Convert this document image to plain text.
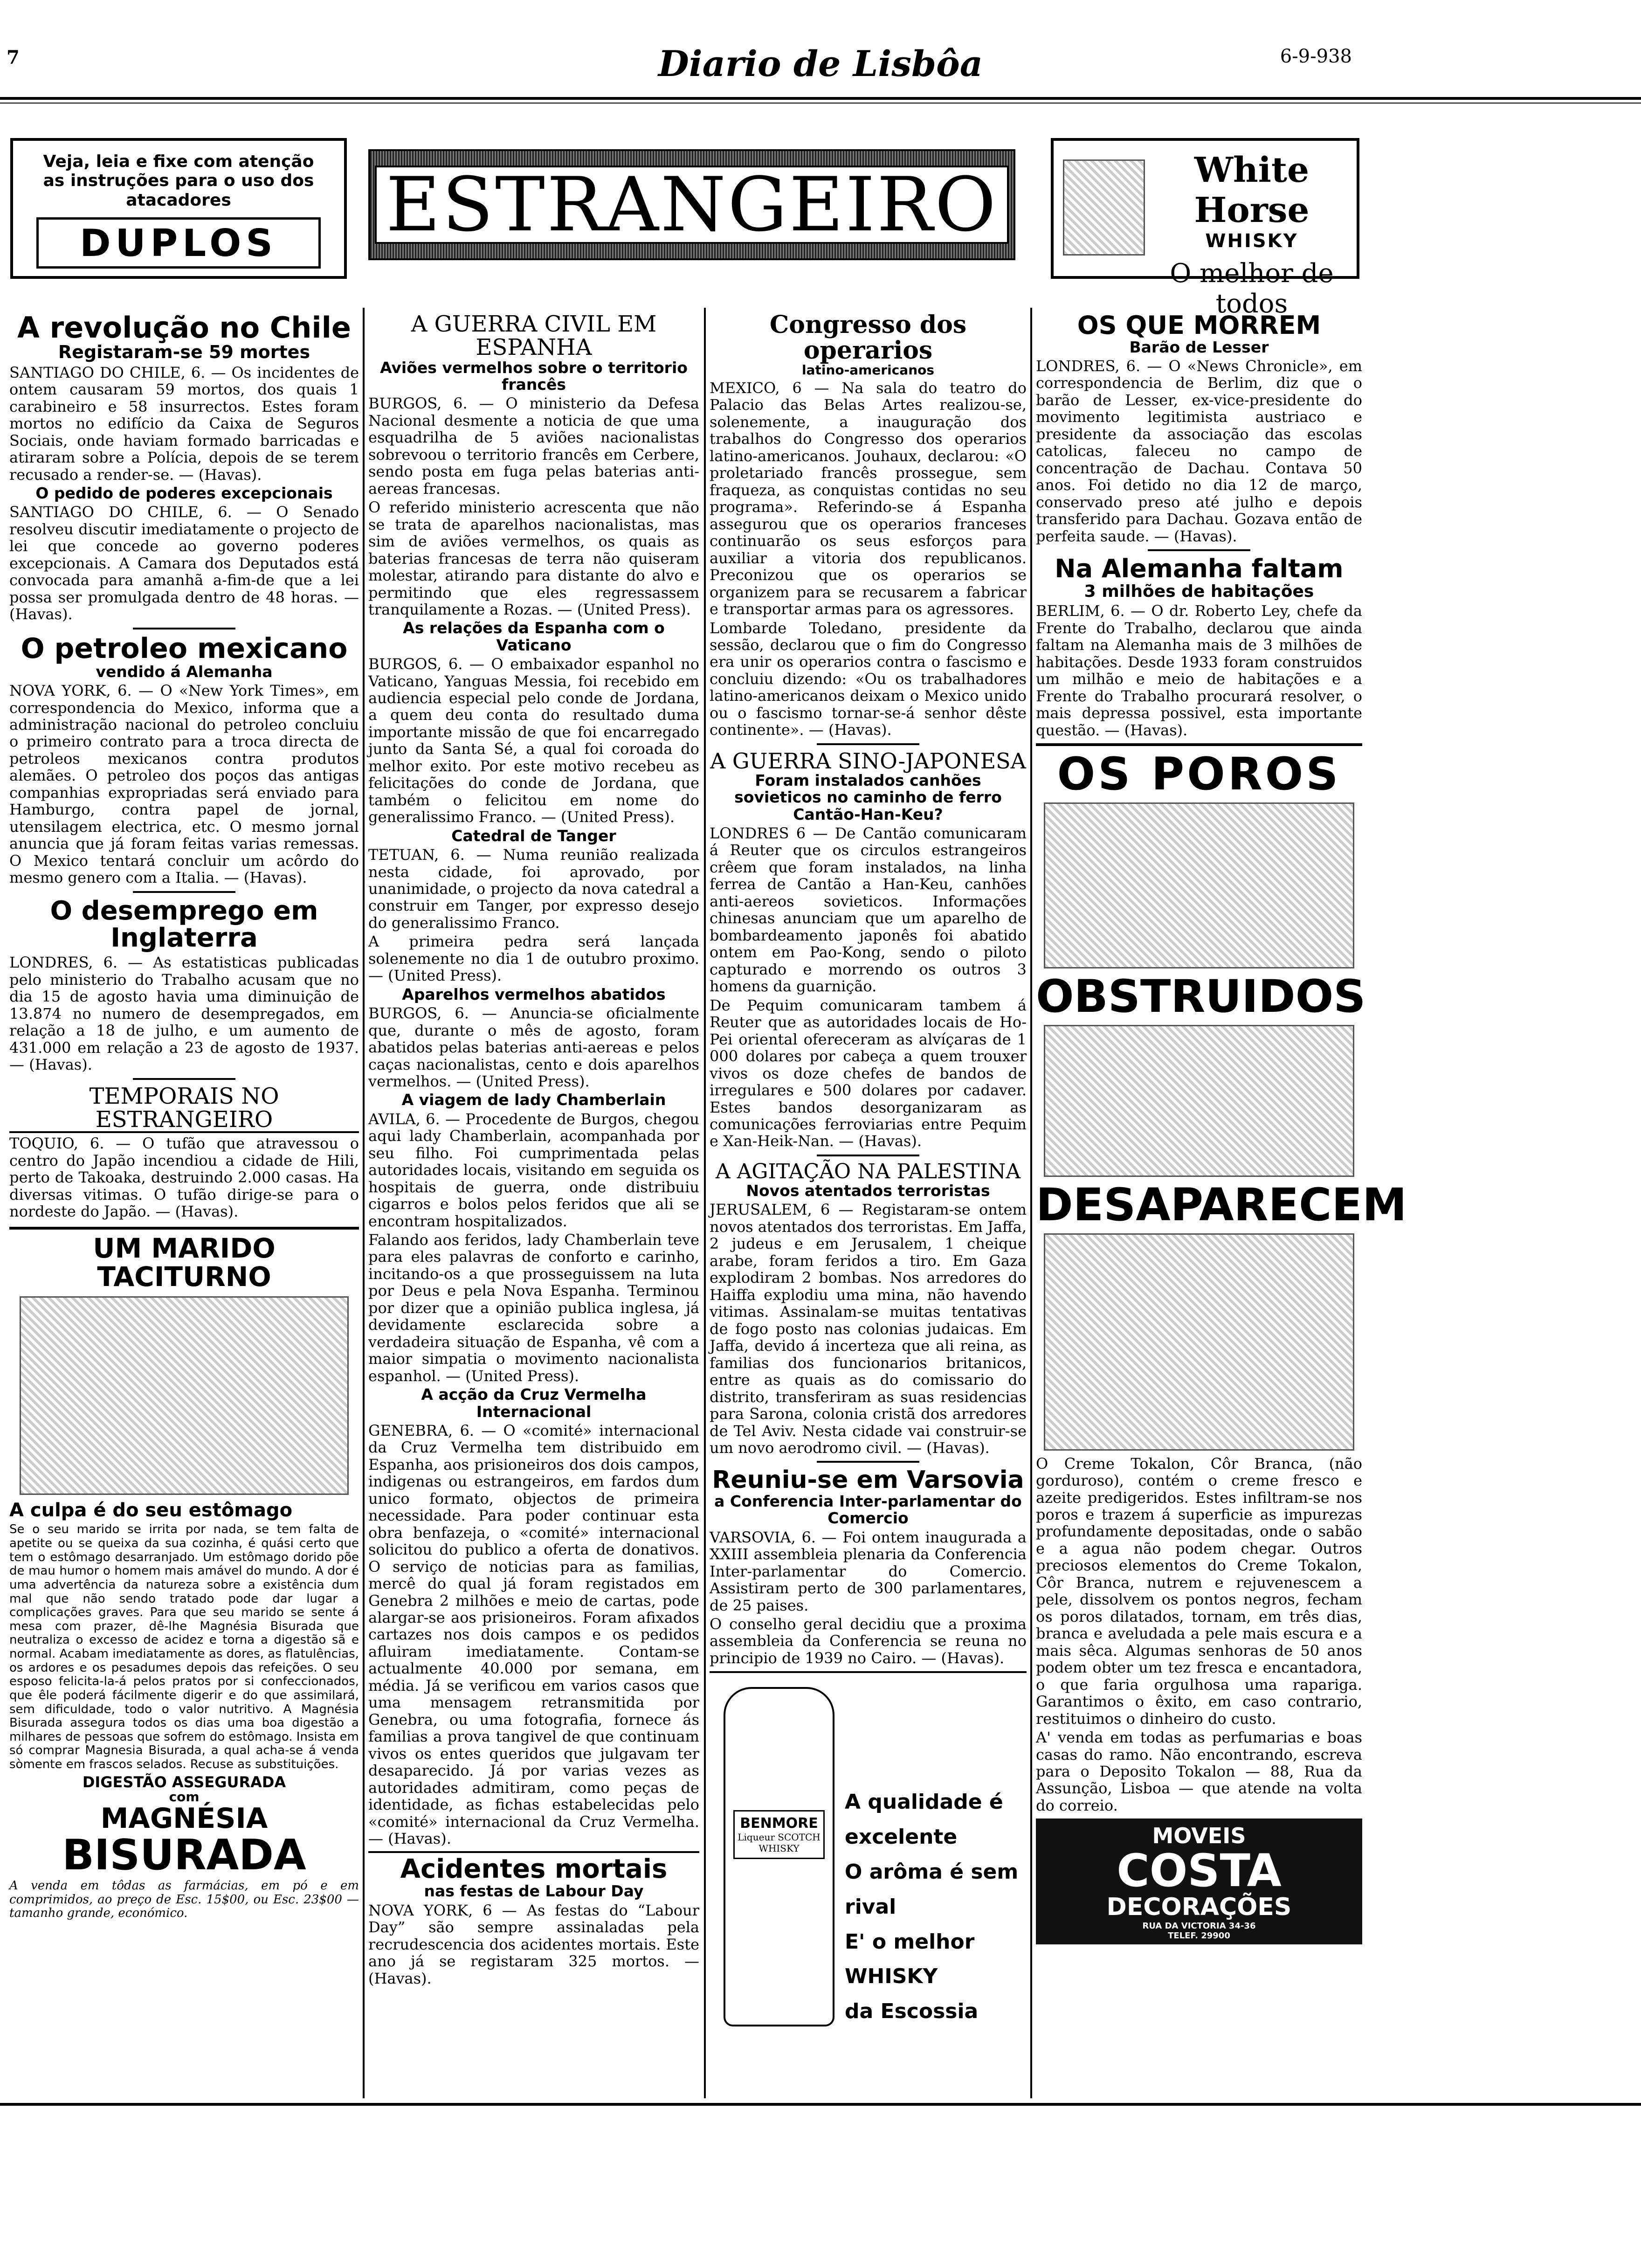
7	Diario de Lisbôa	6-9-938
Veja, leia e fixe com atenção
as instruções para o uso dos
atacadores
DUPLOS ESTRANGEIRO	White Horse
WHISKY
O melhor de todos
A revolução no Chile
Registaram-se 59 mortes

SANTIAGO DO CHILE, 6. — Os incidentes de ontem causaram 59 mortos, dos quais 1 carabineiro e 58 insurrectos. Estes foram mortos no edifício da Caixa de Seguros Sociais, onde haviam formado barricadas e atiraram sobre a Polícia, depois de se terem recusado a render-se. — (Havas).

O pedido de poderes excepcionais

SANTIAGO DO CHILE, 6. — O Senado resolveu discutir imediatamente o projecto de lei que concede ao governo poderes excepcionais. A Camara dos Deputados está convocada para amanhã a-fim-de que a lei possa ser promulgada dentro de 48 horas. — (Havas).

O petroleo mexicano
vendido á Alemanha

NOVA YORK, 6. — O «New York Times», em correspondencia do Mexico, informa que a administração nacional do petroleo concluiu o primeiro contrato para a troca directa de petroleos mexicanos contra produtos alemães. O petroleo dos poços das antigas companhias expropriadas será enviado para Hamburgo, contra papel de jornal, utensilagem electrica, etc. O mesmo jornal anuncia que já foram feitas varias remessas. O Mexico tentará concluir um acôrdo do mesmo genero com a Italia. — (Havas).

O desemprego em Inglaterra

LONDRES, 6. — As estatisticas publicadas pelo ministerio do Trabalho acusam que no dia 15 de agosto havia uma diminuição de 13.874 no numero de desempregados, em relação a 18 de julho, e um aumento de 431.000 em relação a 23 de agosto de 1937. — (Havas).

TEMPORAIS NO ESTRANGEIRO

TOQUIO, 6. — O tufão que atravessou o centro do Japão incendiou a cidade de Hili, perto de Takoaka, destruindo 2.000 casas. Ha diversas vitimas. O tufão dirige-se para o nordeste do Japão. — (Havas).

UM MARIDO TACITURNO
A culpa é do seu estômago

Se o seu marido se irrita por nada, se tem falta de apetite ou se queixa da sua cozinha, é quási certo que tem o estômago desarranjado. Um estômago dorido põe de mau humor o homem mais amável do mundo. A dor é uma advertência da natureza sobre a existência dum mal que não sendo tratado pode dar lugar a complicações graves. Para que seu marido se sente á mesa com prazer, dê-lhe Magnésia Bisurada que neutraliza o excesso de acidez e torna a digestão sã e normal. Acabam imediatamente as dores, as flatulências, os ardores e os pesadumes depois das refeições. O seu esposo felicita-la-á pelos pratos por si confeccionados, que êle poderá fácilmente digerir e do que assimilará, sem dificuldade, todo o valor nutritivo. A Magnésia Bisurada assegura todos os dias uma boa digestão a milhares de pessoas que sofrem do estômago. Insista em só comprar Magnesia Bisurada, a qual acha-se á venda sòmente em frascos selados. Recuse as substituições.

DIGESTÃO ASSEGURADA
com
MAGNÉSIA
BISURADA

A venda em tôdas as farmácias, em pó e em comprimidos, ao preço de Esc. 15$00, ou Esc. 23$00 — tamanho grande, económico.

A GUERRA CIVIL EM ESPANHA
Aviões vermelhos sobre o territorio francês

BURGOS, 6. — O ministerio da Defesa Nacional desmente a noticia de que uma esquadrilha de 5 aviões nacionalistas sobrevoou o territorio francês em Cerbere, sendo posta em fuga pelas baterias anti-aereas francesas.

O referido ministerio acrescenta que não se trata de aparelhos nacionalistas, mas sim de aviões vermelhos, os quais as baterias francesas de terra não quiseram molestar, atirando para distante do alvo e permitindo que eles regressassem tranquilamente a Rozas. — (United Press).

As relações da Espanha com o Vaticano

BURGOS, 6. — O embaixador espanhol no Vaticano, Yanguas Messia, foi recebido em audiencia especial pelo conde de Jordana, a quem deu conta do resultado duma importante missão de que foi encarregado junto da Santa Sé, a qual foi coroada do melhor exito. Por este motivo recebeu as felicitações do conde de Jordana, que também o felicitou em nome do generalissimo Franco. — (United Press).

Catedral de Tanger

TETUAN, 6. — Numa reunião realizada nesta cidade, foi aprovado, por unanimidade, o projecto da nova catedral a construir em Tanger, por expresso desejo do generalissimo Franco.

A primeira pedra será lançada solenemente no dia 1 de outubro proximo. — (United Press).

Aparelhos vermelhos abatidos

BURGOS, 6. — Anuncia-se oficialmente que, durante o mês de agosto, foram abatidos pelas baterias anti-aereas e pelos caças nacionalistas, cento e dois aparelhos vermelhos. — (United Press).

A viagem de lady Chamberlain

AVILA, 6. — Procedente de Burgos, chegou aqui lady Chamberlain, acompanhada por seu filho. Foi cumprimentada pelas autoridades locais, visitando em seguida os hospitais de guerra, onde distribuiu cigarros e bolos pelos feridos que ali se encontram hospitalizados.

Falando aos feridos, lady Chamberlain teve para eles palavras de conforto e carinho, incitando-os a que prosseguissem na luta por Deus e pela Nova Espanha. Terminou por dizer que a opinião publica inglesa, já devidamente esclarecida sobre a verdadeira situação de Espanha, vê com a maior simpatia o movimento nacionalista espanhol. — (United Press).

A acção da Cruz Vermelha Internacional

GENEBRA, 6. — O «comité» internacional da Cruz Vermelha tem distribuido em Espanha, aos prisioneiros dos dois campos, indigenas ou estrangeiros, em fardos dum unico formato, objectos de primeira necessidade. Para poder continuar esta obra benfazeja, o «comité» internacional solicitou do publico a oferta de donativos. O serviço de noticias para as familias, mercê do qual já foram registados em Genebra 2 milhões e meio de cartas, pode alargar-se aos prisioneiros. Foram afixados cartazes nos dois campos e os pedidos afluiram imediatamente. Contam-se actualmente 40.000 por semana, em média. Já se verificou em varios casos que uma mensagem retransmitida por Genebra, ou uma fotografia, fornece ás familias a prova tangivel de que continuam vivos os entes queridos que julgavam ter desaparecido. Já por varias vezes as autoridades admitiram, como peças de identidade, as fichas estabelecidas pelo «comité» internacional da Cruz Vermelha. — (Havas).

Acidentes mortais
nas festas de Labour Day

NOVA YORK, 6 — As festas do “Labour Day” são sempre assinaladas pela recrudescencia dos acidentes mortais. Este ano já se registaram 325 mortos. — (Havas).

Congresso dos operarios
latino-americanos

MEXICO, 6 — Na sala do teatro do Palacio das Belas Artes realizou-se, solenemente, a inauguração dos trabalhos do Congresso dos operarios latino-americanos. Jouhaux, declarou: «O proletariado francês prossegue, sem fraqueza, as conquistas contidas no seu programa». Referindo-se á Espanha assegurou que os operarios franceses continuarão os seus esforços para auxiliar a vitoria dos republicanos. Preconizou que os operarios se organizem para se recusarem a fabricar e transportar armas para os agressores.

Lombarde Toledano, presidente da sessão, declarou que o fim do Congresso era unir os operarios contra o fascismo e concluiu dizendo: «Ou os trabalhadores latino-americanos deixam o Mexico unido ou o fascismo tornar-se-á senhor dêste continente». — (Havas).

A GUERRA SINO-JAPONESA
Foram instalados canhões sovieticos no caminho de ferro Cantão-Han-Keu?

LONDRES 6 — De Cantão comunicaram á Reuter que os circulos estrangeiros crêem que foram instalados, na linha ferrea de Cantão a Han-Keu, canhões anti-aereos sovieticos. Informações chinesas anunciam que um aparelho de bombardeamento japonês foi abatido ontem em Pao-Kong, sendo o piloto capturado e morrendo os outros 3 homens da guarnição.

De Pequim comunicaram tambem á Reuter que as autoridades locais de Ho-Pei oriental ofereceram as alvíçaras de 1 000 dolares por cabeça a quem trouxer vivos os doze chefes de bandos de irregulares e 500 dolares por cadaver. Estes bandos desorganizaram as comunicações ferroviarias entre Pequim e Xan-Heik-Nan. — (Havas).

A AGITAÇÃO NA PALESTINA
Novos atentados terroristas

JERUSALEM, 6 — Registaram-se ontem novos atentados dos terroristas. Em Jaffa, 2 judeus e em Jerusalem, 1 cheique arabe, foram feridos a tiro. Em Gaza explodiram 2 bombas. Nos arredores do Haiffa explodiu uma mina, não havendo vitimas. Assinalam-se muitas tentativas de fogo posto nas colonias judaicas. Em Jaffa, devido á incerteza que ali reina, as familias dos funcionarios britanicos, entre as quais as do comissario do distrito, transferiram as suas residencias para Sarona, colonia cristã dos arredores de Tel Aviv. Nesta cidade vai construir-se um novo aerodromo civil. — (Havas).

Reuniu-se em Varsovia
a Conferencia Inter-parlamentar do Comercio

VARSOVIA, 6. — Foi ontem inaugurada a XXIII assembleia plenaria da Conferencia Inter-parlamentar do Comercio. Assistiram perto de 300 parlamentares, de 25 paises.

O conselho geral decidiu que a proxima assembleia da Conferencia se reuna no principio de 1939 no Cairo. — (Havas).

BENMORE
Liqueur SCOTCH WHISKY
A qualidade é excelente
O arôma é sem rival
E' o melhor WHISKY
da Escossia
OS QUE MORREM
Barão de Lesser

LONDRES, 6. — O «News Chronicle», em correspondencia de Berlim, diz que o barão de Lesser, ex-vice-presidente do movimento legitimista austriaco e presidente da associação das escolas catolicas, faleceu no campo de concentração de Dachau. Contava 50 anos. Foi detido no dia 12 de março, conservado preso até julho e depois transferido para Dachau. Gozava então de perfeita saude. — (Havas).

Na Alemanha faltam
3 milhões de habitações

BERLIM, 6. — O dr. Roberto Ley, chefe da Frente do Trabalho, declarou que ainda faltam na Alemanha mais de 3 milhões de habitações. Desde 1933 foram construidos um milhão e meio de habitações e a Frente do Trabalho procurará resolver, o mais depressa possivel, esta importante questão. — (Havas).

OS POROS
OBSTRUIDOS
DESAPARECEM

O Creme Tokalon, Côr Branca, (não gorduroso), contém o creme fresco e azeite predigeridos. Estes infiltram-se nos poros e trazem á superficie as impurezas profundamente depositadas, onde o sabão e a agua não podem chegar. Outros preciosos elementos do Creme Tokalon, Côr Branca, nutrem e rejuvenescem a pele, dissolvem os pontos negros, fecham os poros dilatados, tornam, em três dias, branca e aveludada a pele mais escura e a mais sêca. Algumas senhoras de 50 anos podem obter um tez fresca e encantadora, o que faria orgulhosa uma rapariga. Garantimos o êxito, em caso contrario, restituimos o dinheiro do custo.

A' venda em todas as perfumarias e boas casas do ramo. Não encontrando, escreva para o Deposito Tokalon — 88, Rua da Assunção, Lisboa — que atende na volta do correio.

MOVEIS
COSTA
DECORAÇÕES
RUA DA VICTORIA 34-36
TELEF. 29900
